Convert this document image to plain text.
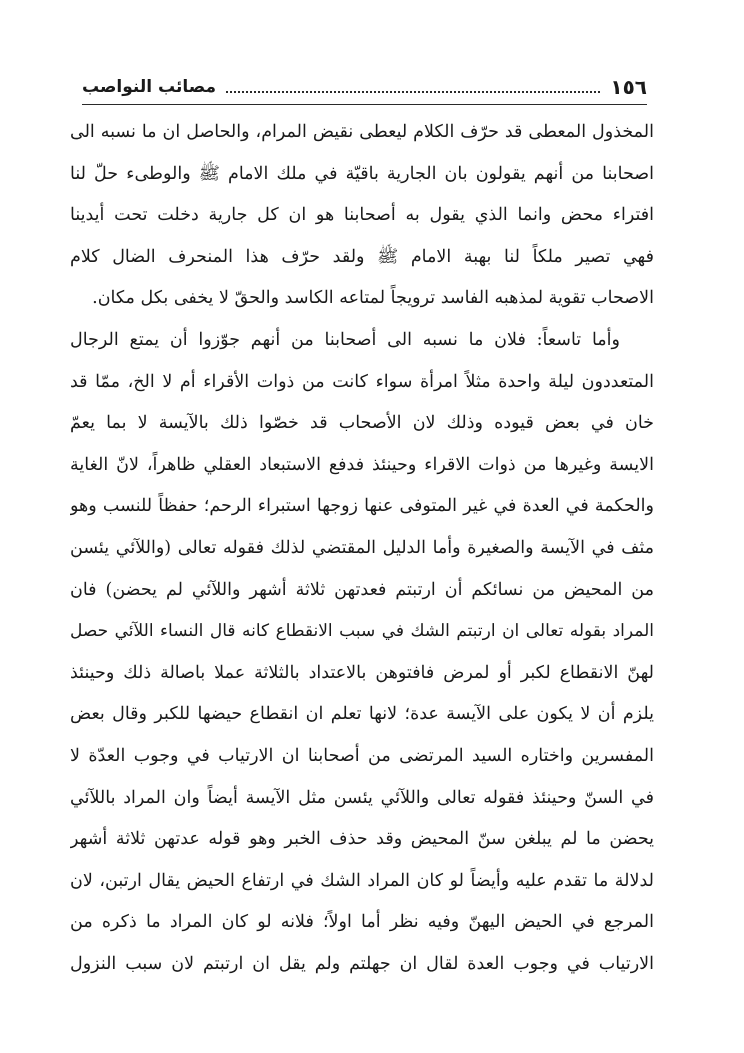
١٥٦
مصائب النواصب
المخذول المعطى قد حرّف الكلام ليعطى نقيض المرام، والحاصل ان ما نسبه الى
اصحابنا من أنهم يقولون بان الجارية باقيّة في ملك الامام ﷺ والوطىء حلّ لنا
افتراء محض وانما الذي يقول به أصحابنا هو ان كل جارية دخلت تحت أيدينا
فهي تصير ملكاً لنا بهبة الامام ﷺ ولقد حرّف هذا المنحرف الضال كلام
الاصحاب تقوية لمذهبه الفاسد ترويجاً لمتاعه الكاسد والحقّ لا يخفى بكل مكان.
وأما تاسعاً: فلان ما نسبه الى أصحابنا من أنهم جوّزوا أن يمتع الرجال
المتعددون ليلة واحدة مثلاً امرأة سواء كانت من ذوات الأقراء أم لا الخ، ممّا قد
خان في بعض قيوده وذلك لان الأصحاب قد خصّوا ذلك بالآيسة لا بما يعمّ
الايسة وغيرها من ذوات الاقراء وحينئذ فدفع الاستبعاد العقلي ظاهراً، لانّ الغاية
والحكمة في العدة في غير المتوفى عنها زوجها استبراء الرحم؛ حفظاً للنسب وهو
مثف في الآيسة والصغيرة وأما الدليل المقتضي لذلك فقوله تعالى (واللآئي يئسن
من المحيض من نسائكم أن ارتبتم فعدتهن ثلاثة أشهر واللآئي لم يحضن) فان
المراد بقوله تعالى ان ارتبتم الشك في سبب الانقطاع كانه قال النساء اللآئي حصل
لهنّ الانقطاع لكبر أو لمرض فافتوهن بالاعتداد بالثلاثة عملا باصالة ذلك وحينئذ
يلزم أن لا يكون على الآيسة عدة؛ لانها تعلم ان انقطاع حيضها للكبر وقال بعض
المفسرين واختاره السيد المرتضى من أصحابنا ان الارتياب في وجوب العدّة لا
في السنّ وحينئذ فقوله تعالى واللآئي يئسن مثل الآيسة أيضاً وان المراد باللآئي
يحضن ما لم يبلغن سنّ المحيض وقد حذف الخبر وهو قوله عدتهن ثلاثة أشهر
لدلالة ما تقدم عليه وأيضاً لو كان المراد الشك في ارتفاع الحيض يقال ارتبن، لان
المرجع في الحيض اليهنّ وفيه نظر أما اولاً؛ فلانه لو كان المراد ما ذكره من
الارتياب في وجوب العدة لقال ان جهلتم ولم يقل ان ارتبتم لان سبب النزول
